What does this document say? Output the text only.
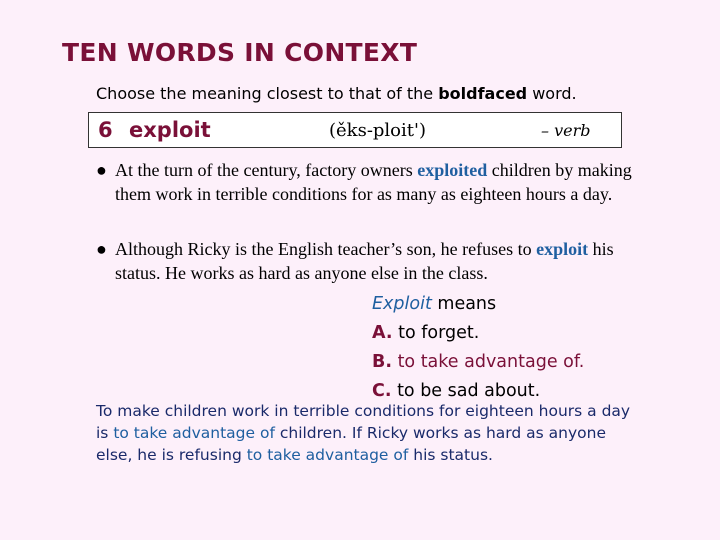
TEN WORDS IN CONTEXT
Choose the meaning closest to that of the boldfaced word.
6 exploit	(ěks-ploit')	– verb
● At the turn of the century, factory owners exploited children by making them work in terrible conditions for as many as eighteen hours a day.
● Although Ricky is the English teacher’s son, he refuses to exploit his status. He works as hard as anyone else in the class.
Exploit means
A. to forget.
B. to take advantage of.
C. to be sad about.
To make children work in terrible conditions for eighteen hours a day is to take advantage of children. If Ricky works as hard as anyone else, he is refusing to take advantage of his status.
